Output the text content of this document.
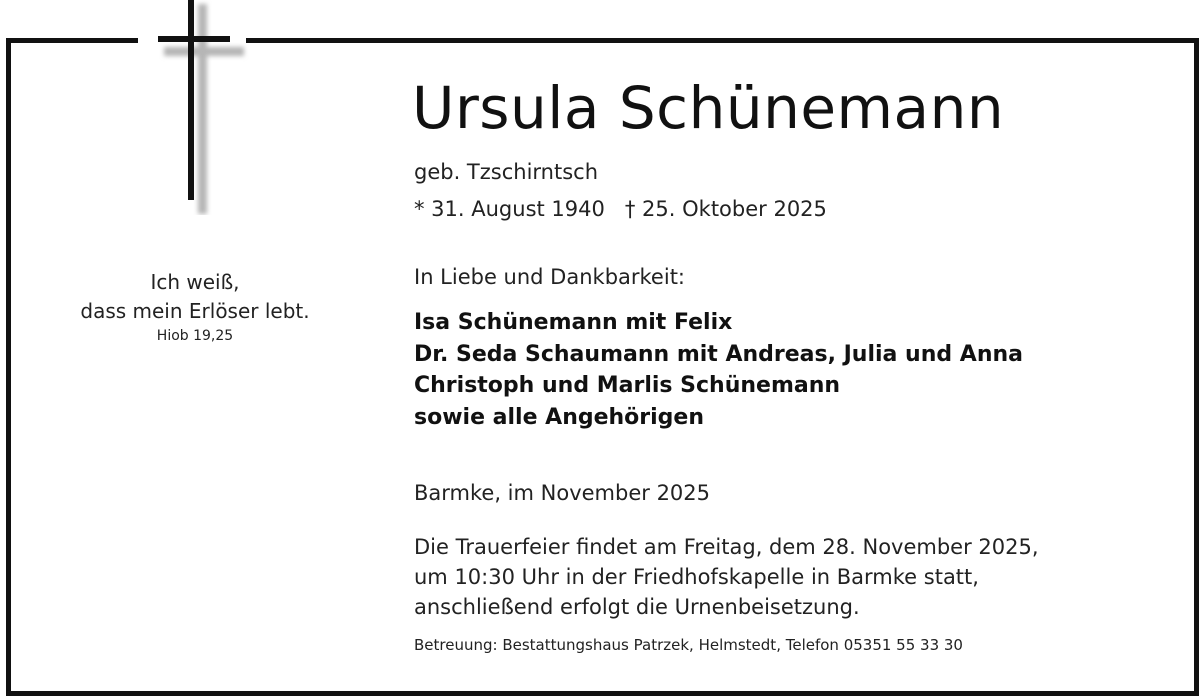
Ursula Schünemann
geb. Tzschirntsch
* 31. August 1940   † 25. Oktober 2025
Ich weiß,
dass mein Erlöser lebt.
Hiob 19,25
In Liebe und Dankbarkeit:
Isa Schünemann mit Felix
Dr. Seda Schaumann mit Andreas, Julia und Anna
Christoph und Marlis Schünemann
sowie alle Angehörigen
Barmke, im November 2025
Die Trauerfeier findet am Freitag, dem 28. November 2025,
um 10:30 Uhr in der Friedhofskapelle in Barmke statt,
anschließend erfolgt die Urnenbeisetzung.
Betreuung: Bestattungshaus Patrzek, Helmstedt, Telefon 05351 55 33 30
